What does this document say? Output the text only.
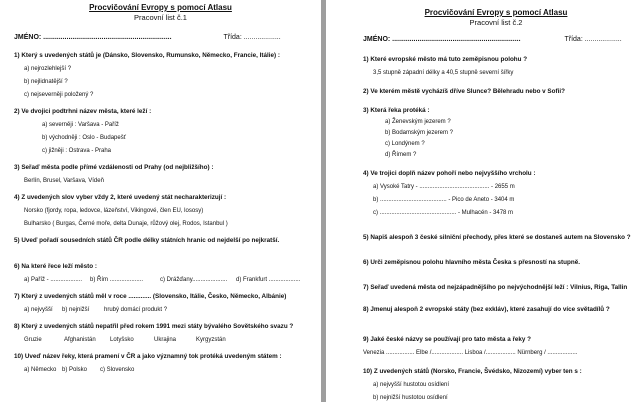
Procvičování Evropy s pomocí Atlasu
Pracovní list č.1
JMÉNO: ..................................................................	Třída: ...................
1) Který s uvedených států je (Dánsko, Slovensko, Rumunsko, Německo, Francie, Itálie) :
a) nejrozlehlejší ?
b) nejlidnatější ?
c) nejseverněji položený ?
2) Ve dvojici podtrhni název města, které leží :
a) severněji : Varšava - Paříž
b) východněji : Oslo - Budapešť
c) jižněji : Ostrava - Praha
3) Seřaď města podle přímé vzdálenosti od Prahy (od nejbližšího) :
Berlín, Brusel, Varšava, Vídeň
4) Z uvedených slov vyber vždy 2, které uvedený stát necharakterizují :
Norsko (fjordy, ropa, ledovce, lázeňství, Vikingové, člen EU, lososy)
Bulharsko ( Burgas, Černé moře, delta Dunaje, růžový olej, Rodos, Istanbul )
5) Uveď pořadí sousedních států ČR podle délky státních hranic od nejdelší po nejkratší.
6) Na které řece leží město :
a) Paříž - ...................	b) Řím ....................	c) Drážďany.....................	d) Frankfurt ...................
7) Který z uvedených států měl v roce ............. (Slovensko, Itálie, Česko, Německo, Albánie)
a) nejvyšší	b) nejnižší	hrubý domácí produkt ?
8) Který z uvedených států nepatřil před rokem 1991 mezi státy bývalého Sovětského svazu ?
Gruzie	Afghanistán	Lotyšsko	Ukrajina	Kyrgyzstán
10) Uveď název řeky, která pramení v ČR a jako významný tok protéká uvedeným státem :
a) Německo b) Polsko	c) Slovensko
Procvičování Evropy s pomocí Atlasu
Pracovní list č.2
JMÉNO: ..................................................................	Třída: ...................
1) Které evropské město má tuto zeměpisnou polohu ?
3,5 stupně západní délky a 40,5 stupně severní šířky
2) Ve kterém městě vycházíš dříve Slunce? Bělehradu nebo v Sofii?
3) Která řeka protéká :
a) Ženevským jezerem ?
b) Bodamským jezerem ?
c) Londýnem ?
d) Římem ?
4) Ve trojici doplň název pohoří nebo nejvyššího vrcholu :
a) Vysoké Tatry - .......................................... - 2655 m
b) ........................................ - Pico de Aneto - 3404 m
c) .............................................. - Mulhacén - 3478 m
5) Napiš alespoň 3 české silniční přechody, přes které se dostaneš autem na Slovensko ?
6) Urči zeměpisnou polohu hlavního města Česka s přesností na stupně.
7) Seřaď uvedená města od nejzápadnějšího po nejvýchodnější leží : Vilnius, Riga, Tallin
8) Jmenuj alespoň 2 evropské státy (bez exkláv), které zasahují do více světadílů ?
9) Jaké české názvy se používají pro tato města a řeky ?
Venezia ................. Elbe /................... Lisboa /.................. Nürnberg / ..................
10) Z uvedených států (Norsko, Francie, Švédsko, Nizozemí) vyber ten s :
a) nejvyšší hustotou osídlení
b) nejnižší hustotou osídlení
